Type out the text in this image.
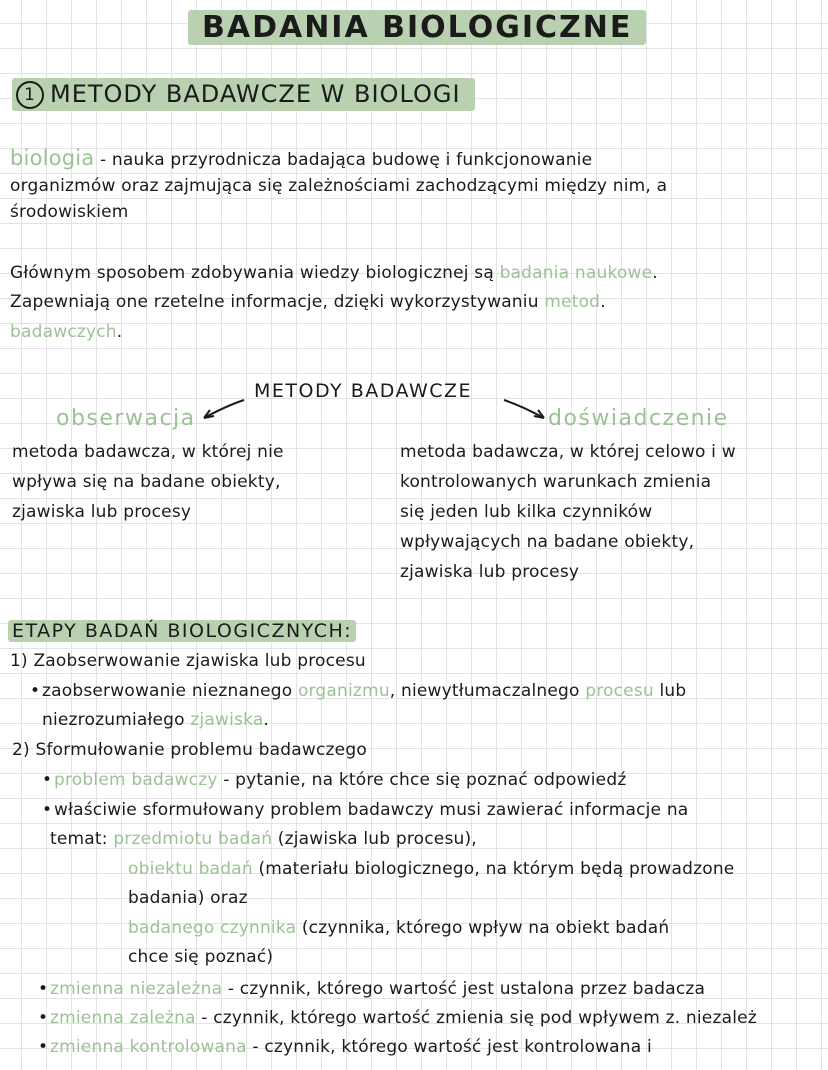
BADANIA BIOLOGICZNE
1 METODY BADAWCZE W BIOLOGI
biologia - nauka przyrodnicza badająca budowę i funkcjonowanie
organizmów oraz zajmująca się zależnościami zachodzącymi między nim, a
środowiskiem
Głównym sposobem zdobywania wiedzy biologicznej są badania naukowe.
Zapewniają one rzetelne informacje, dzięki wykorzystywaniu metod.
badawczych.
METODY BADAWCZE
obserwacja	doświadczenie
metoda badawcza, w której nie
wpływa się na badane obiekty,
zjawiska lub procesy
metoda badawcza, w której celowo i w
kontrolowanych warunkach zmienia
się jeden lub kilka czynników
wpływających na badane obiekty,
zjawiska lub procesy
ETAPY BADAŃ BIOLOGICZNYCH:
1) Zaobserwowanie zjawiska lub procesu
• zaobserwowanie nieznanego organizmu, niewytłumaczalnego procesu lub
niezrozumiałego zjawiska.
2) Sformułowanie problemu badawczego
• problem badawczy - pytanie, na które chce się poznać odpowiedź
• właściwie sformułowany problem badawczy musi zawierać informacje na
temat: przedmiotu badań (zjawiska lub procesu),
obiektu badań (materiału biologicznego, na którym będą prowadzone
badania) oraz
badanego czynnika (czynnika, którego wpływ na obiekt badań
chce się poznać)
• zmienna niezależna - czynnik, którego wartość jest ustalona przez badacza
• zmienna zależna - czynnik, którego wartość zmienia się pod wpływem z. niezależ
• zmienna kontrolowana - czynnik, którego wartość jest kontrolowana i
